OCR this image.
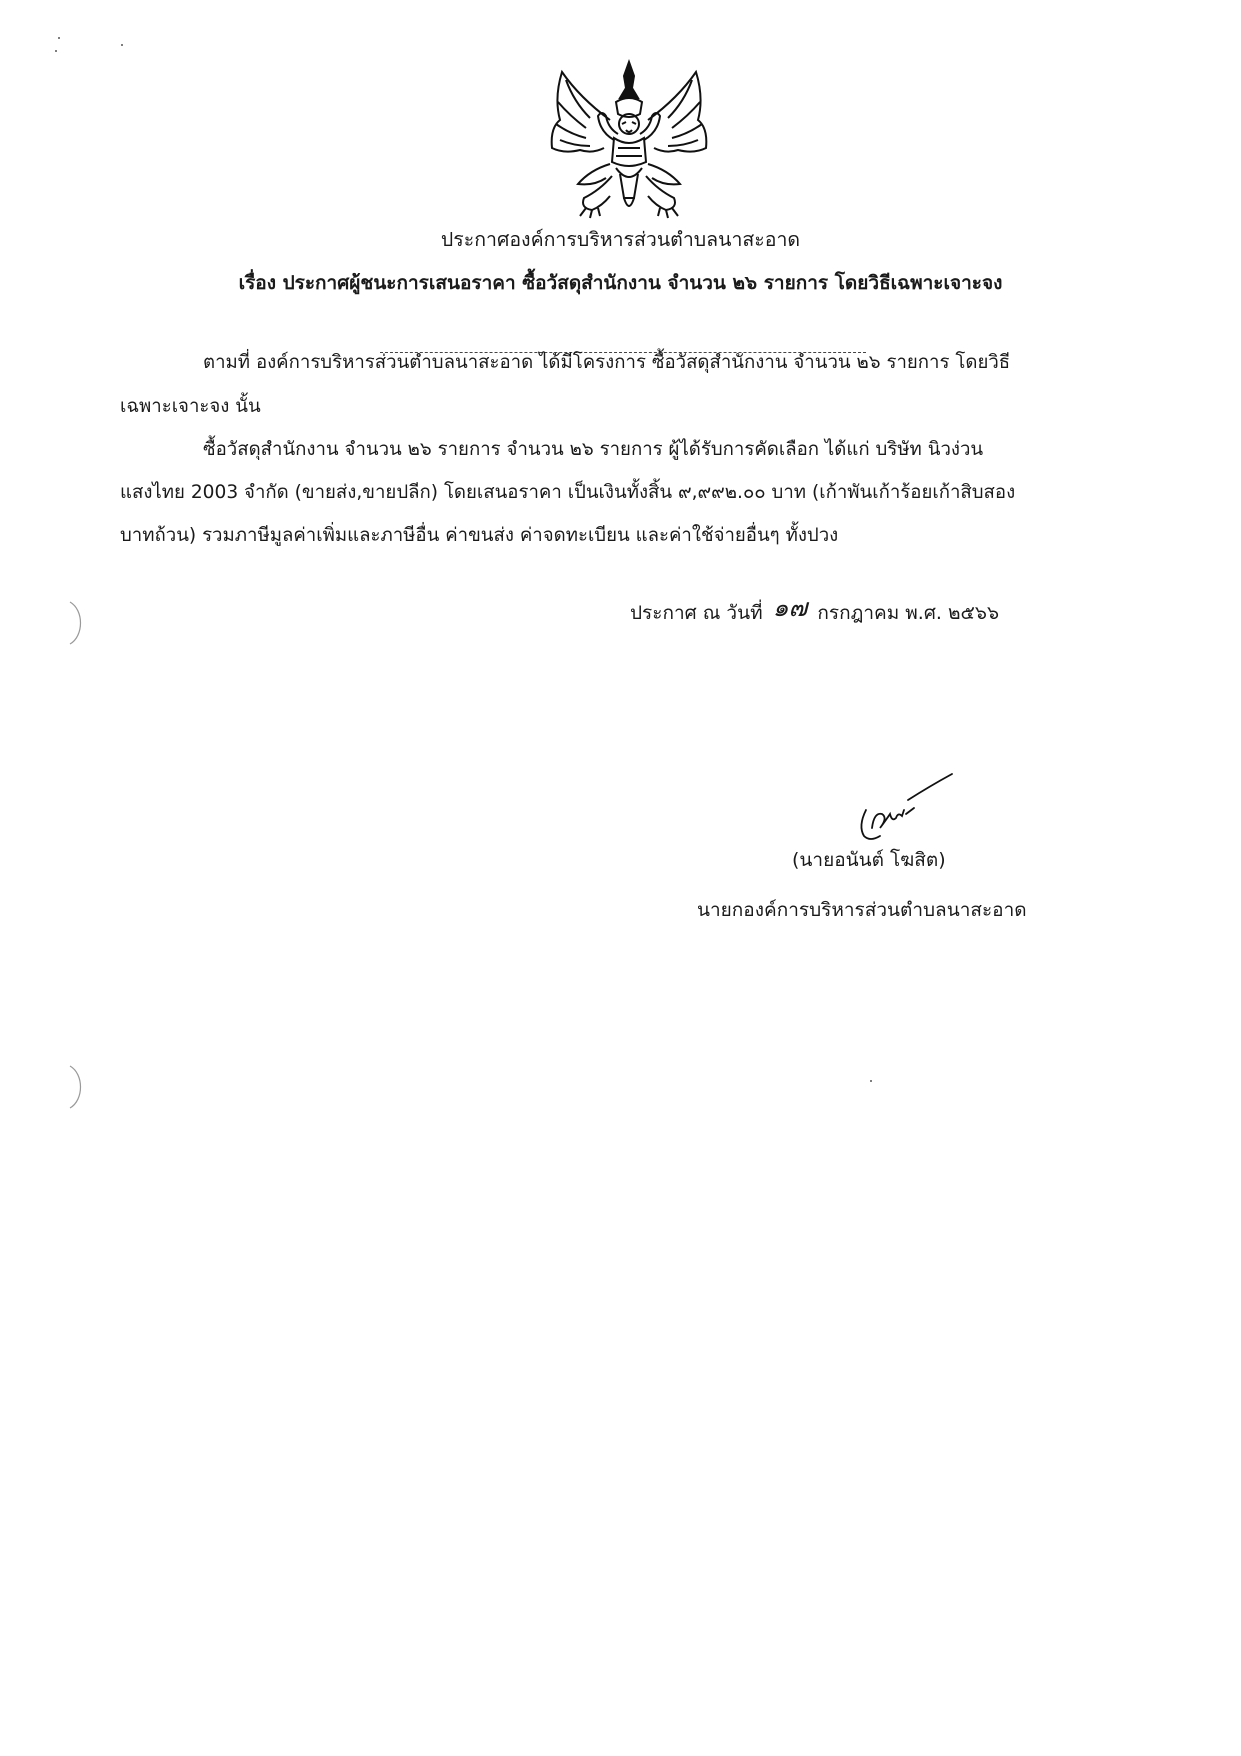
ประกาศองค์การบริหารส่วนตำบลนาสะอาด
เรื่อง ประกาศผู้ชนะการเสนอราคา ซื้อวัสดุสำนักงาน จำนวน ๒๖ รายการ โดยวิธีเฉพาะเจาะจง
ตามที่ องค์การบริหารส่วนตำบลนาสะอาด ได้มีโครงการ ซื้อวัสดุสำนักงาน จำนวน ๒๖ รายการ โดยวิธี
เฉพาะเจาะจง นั้น
ซื้อวัสดุสำนักงาน จำนวน ๒๖ รายการ จำนวน ๒๖ รายการ ผู้ได้รับการคัดเลือก ได้แก่ บริษัท นิวง่วน
แสงไทย 2003 จำกัด (ขายส่ง,ขายปลีก) โดยเสนอราคา เป็นเงินทั้งสิ้น ๙,๙๙๒.๐๐ บาท (เก้าพันเก้าร้อยเก้าสิบสอง
บาทถ้วน) รวมภาษีมูลค่าเพิ่มและภาษีอื่น ค่าขนส่ง ค่าจดทะเบียน และค่าใช้จ่ายอื่นๆ ทั้งปวง
ประกาศ ณ วันที่ ๑๗ กรกฎาคม พ.ศ. ๒๕๖๖
(นายอนันต์ โฆสิต)
นายกองค์การบริหารส่วนตำบลนาสะอาด
